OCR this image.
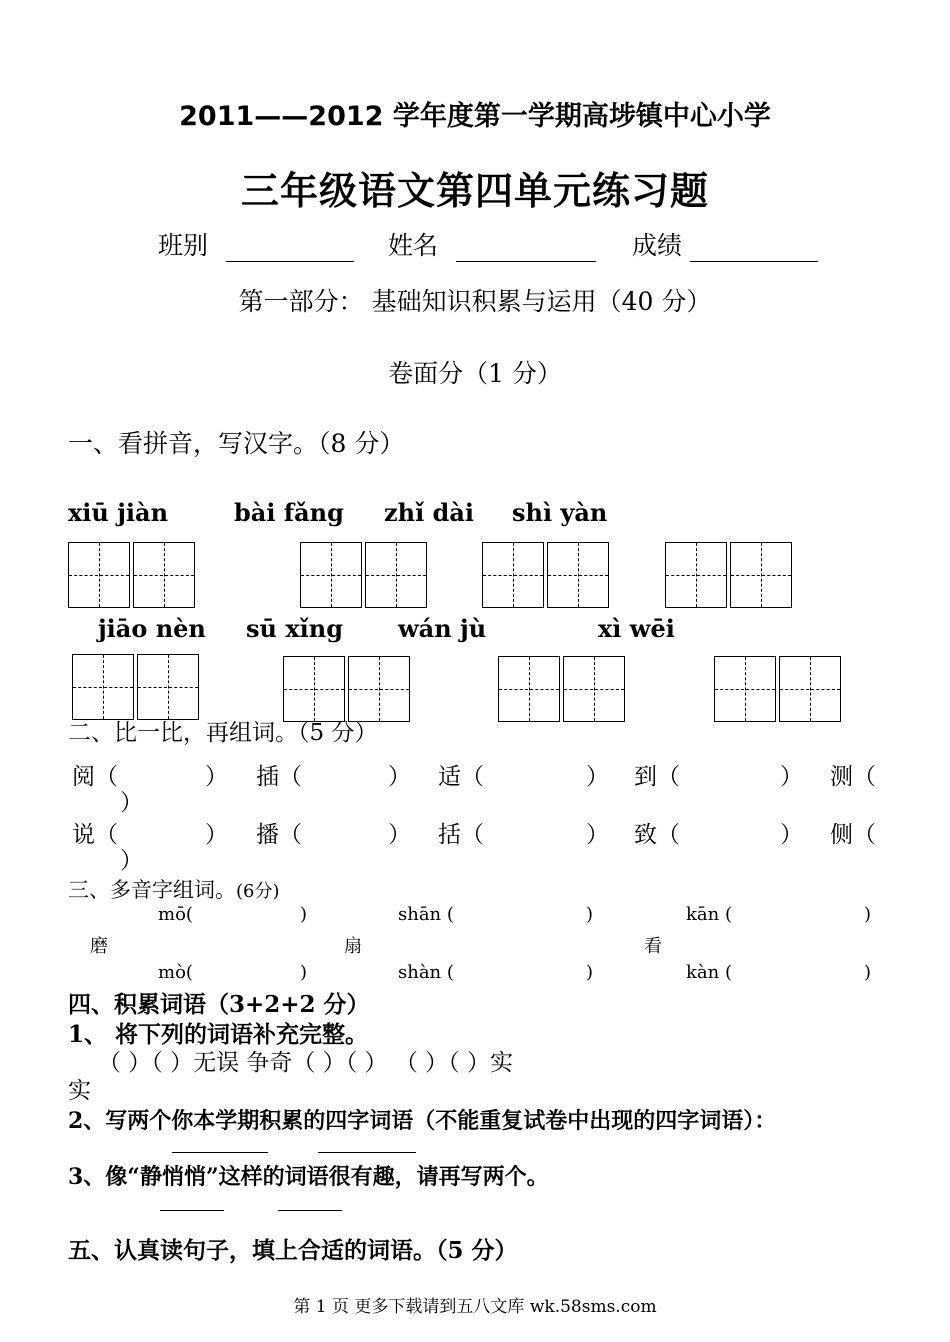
2011——2012 学年度第一学期高埗镇中心小学
三年级语文第四单元练习题
班别	姓名	成绩
第一部分： 基础知识积累与运用（40 分）
卷面分（1 分）
一、看拼音，写汉字。（8 分）
xiū jiàn	bài fǎng zhǐ dài shì yàn
jiāo nèn sū xǐng wán jù	xì wēi
二、比一比，再组词。（5 分）
阅（	） 插（	） 适（	） 到（	） 测（
）
说（	） 播（	） 括（	） 致（	） 侧（
）
三、多音字组词。(6分)
mō(	)	shān (	)	kān (	)
磨	扇	看
mò(	)	shàn (	)	kàn (	)
四、积累词语（3+2+2 分）
1、 将下列的词语补充完整。
（ ）（ ）无误 争奇（ ）（ ） （ ）（ ）实
实
2、写两个你本学期积累的四字词语（不能重复试卷中出现的四字词语）：
3、像“静悄悄”这样的词语很有趣，请再写两个。
五、认真读句子，填上合适的词语。（5 分）
第 1 页 更多下载请到五八文库 wk.58sms.com
